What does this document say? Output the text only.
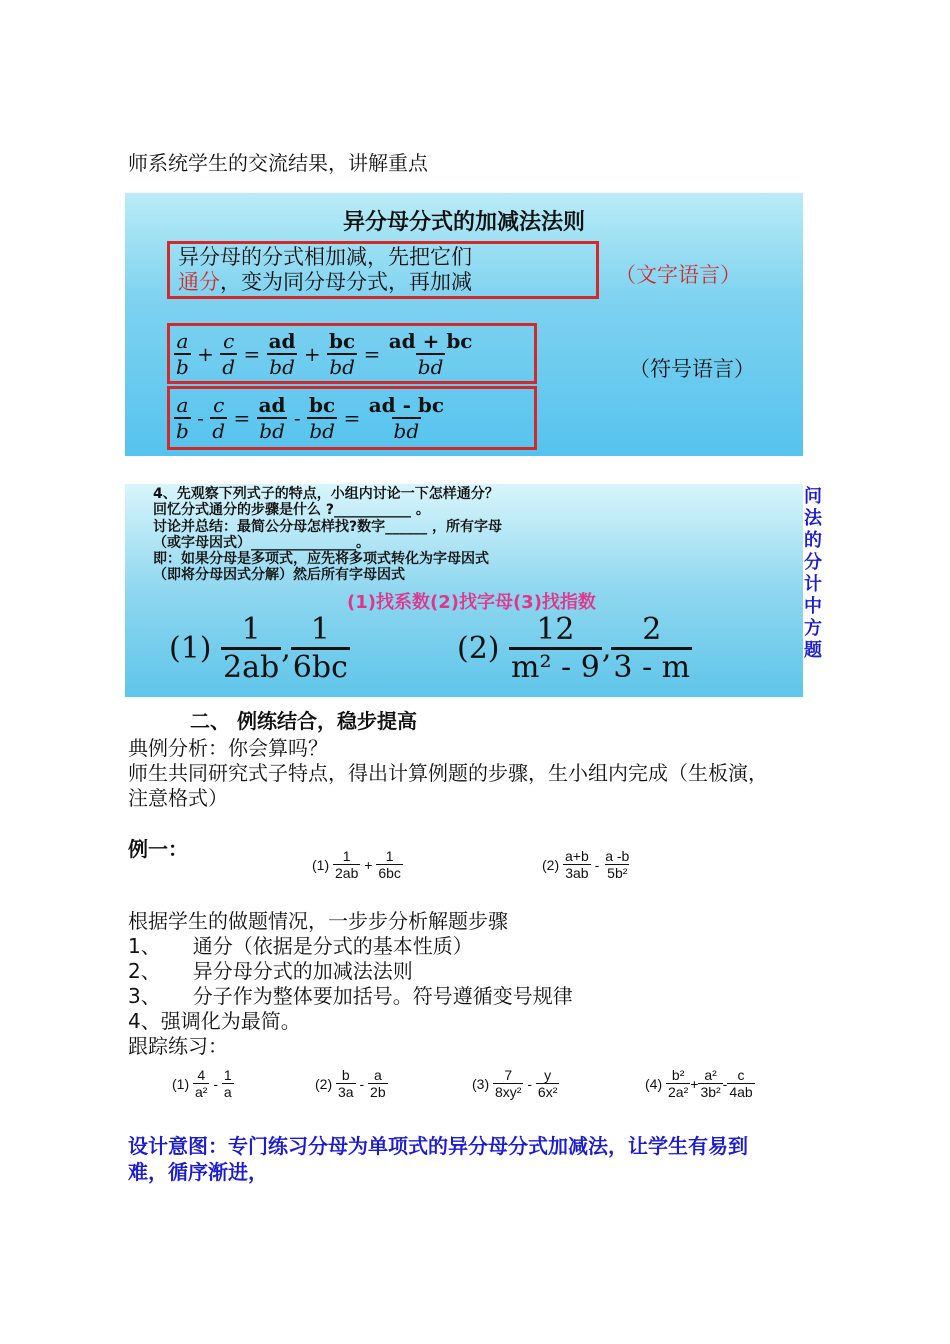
师系统学生的交流结果，讲解重点
异分母分式的加减法法则
异分母的分式相加减，先把它们
通分，变为同分母分式，再加减	（文字语言）
$\frac{a}{b} + \frac{c}{d} = \frac{ad}{bd} + \frac{bc}{bd} = \frac{ad + bc}{bd}$	（符号语言）
$\frac{a}{b} - \frac{c}{d} = \frac{ad}{bd} - \frac{bc}{bd} = \frac{ad - bc}{bd}$
4、先观察下列式子的特点，小组内讨论一下怎样通分？
回忆分式通分的步骤是什么 ?___________ 。
讨论并总结：最简公分母怎样找?数字______ ，所有字母
（或字母因式）_______________。
即：如果分母是多项式，应先将多项式转化为字母因式
（即将分母因式分解）然后所有字母因式
(1)找系数(2)找字母(3)找指数
$(1) \frac{1}{2ab}$ , $\frac{1}{6bc}$	$(2) \frac{12}{\text{m² - 9}}$ , $\frac{2}{3 - m}$
问
法
的
分
计
中
方
题
二、 例练结合，稳步提高
典例分析：你会算吗？
师生共同研究式子特点，得出计算例题的步骤，生小组内完成（生板演，
注意格式）
例一：
$(1) \frac{1}{2ab} + \frac{1}{6bc}$	$(2) \frac{a+b}{3ab} - \frac{a -b}{\text{5b²}}$
根据学生的做题情况，一步步分析解题步骤
1、 通分（依据是分式的基本性质）
2、 异分母分式的加减法法则
3、 分子作为整体要加括号。符号遵循变号规律
4、强调化为最简。
跟踪练习：
$(1) \frac{4}{\text{a²}} - \frac{1}{a}$	$(2) \frac{b}{3a} - \frac{a}{2b}$	$(3) \frac{7}{\text{8xy²}} - \frac{y}{\text{6x²}}$	$(4) \frac{\text{b²}}{\text{2a²}} + \frac{\text{a²}}{\text{3b²}} - \frac{c}{4ab}$
设计意图：专门练习分母为单项式的异分母分式加减法，让学生有易到
难，循序渐进，
